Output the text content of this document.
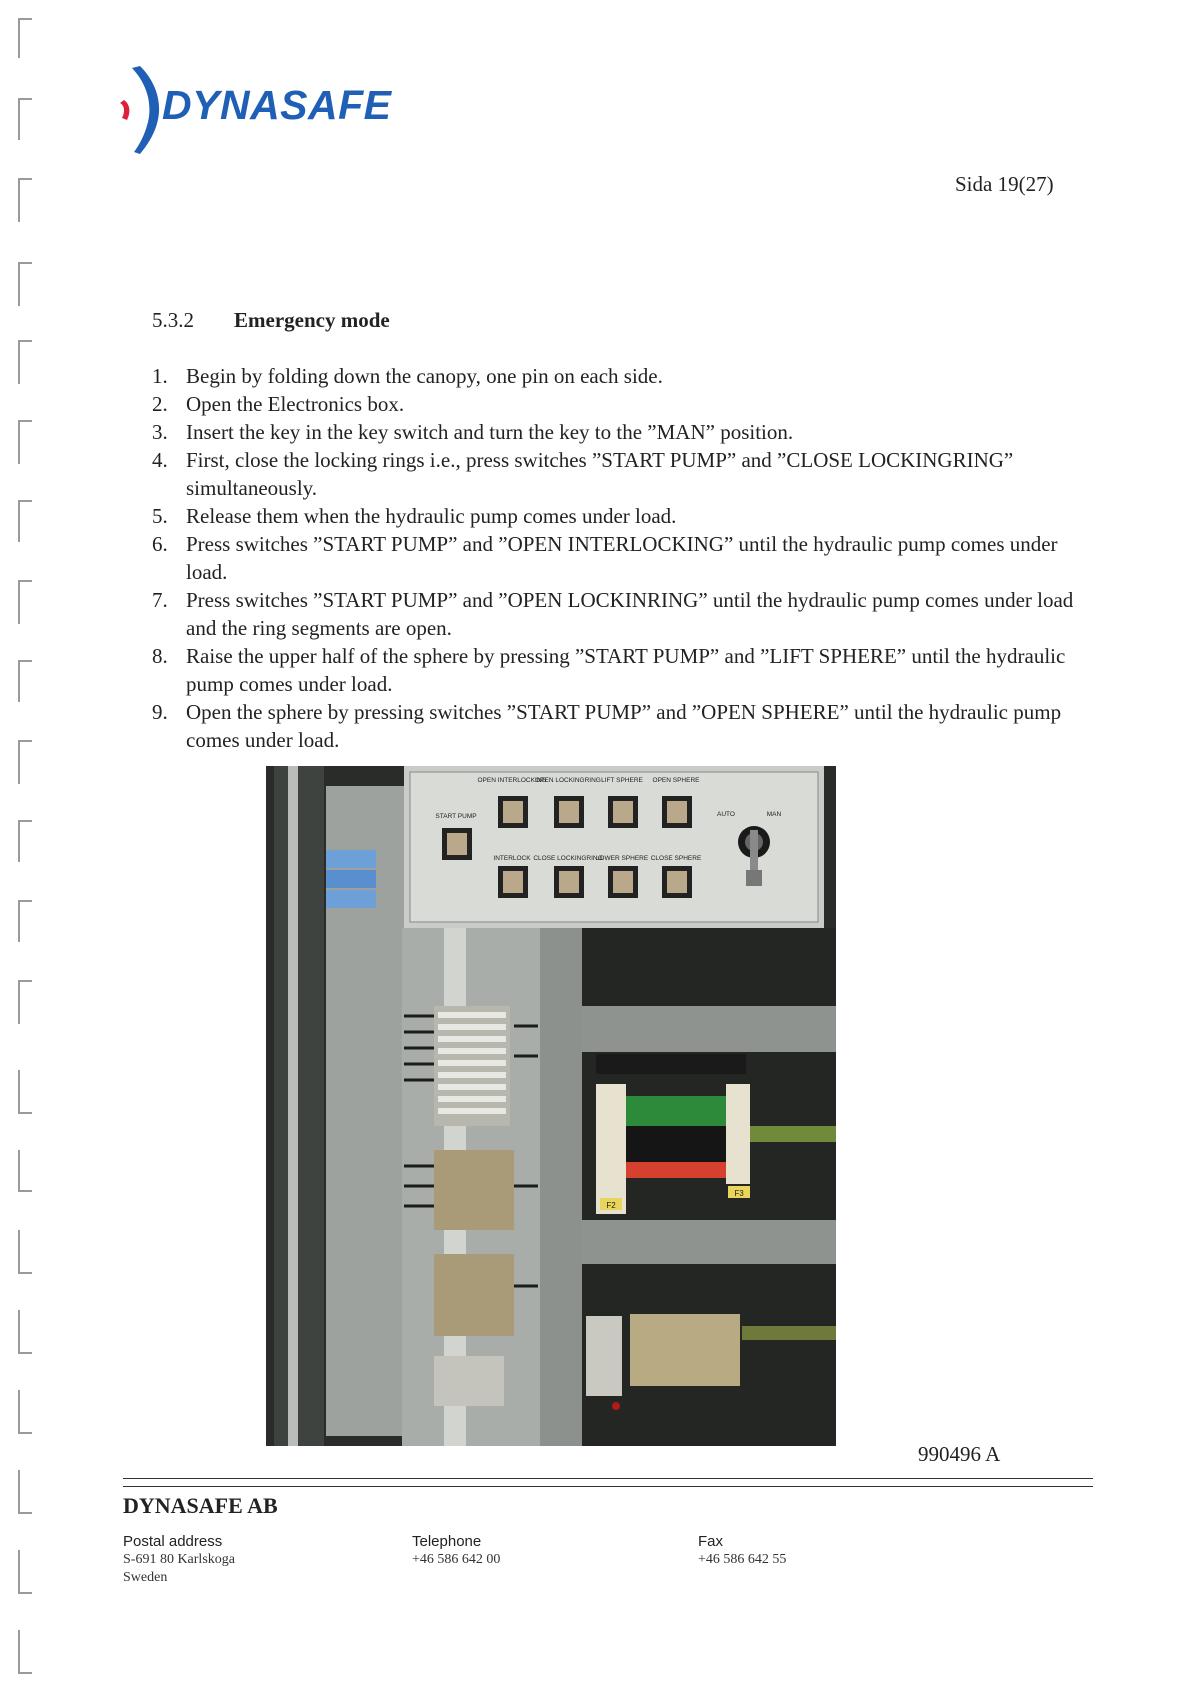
DYNASAFE
Sida 19(27)
5.3.2 Emergency mode
1. Begin by folding down the canopy, one pin on each side.
2. Open the Electronics box.
3. Insert the key in the key switch and turn the key to the ”MAN” position.
4. First, close the locking rings i.e., press switches ”START PUMP” and ”CLOSE LOCKINGRING” simultaneously.
5. Release them when the hydraulic pump comes under load.
6. Press switches ”START PUMP” and ”OPEN INTERLOCKING” until the hydraulic pump comes under load.
7. Press switches ”START PUMP” and ”OPEN LOCKINRING” until the hydraulic pump comes under load and the ring segments are open.
8. Raise the upper half of the sphere by pressing ”START PUMP” and ”LIFT SPHERE” until the hydraulic pump comes under load.
9. Open the sphere by pressing switches ”START PUMP” and ”OPEN SPHERE” until the hydraulic pump comes under load.
START PUMP
OPEN INTERLOCKING
OPEN LOCKINGRING LIFT SPHERE OPEN SPHERE
INTERLOCK CLOSE LOCKINGRING
LOWER SPHERE CLOSE SPHERE
AUTO	MAN
F2
F3
990496 A
DYNASAFE AB
Postal address
S-691 80 Karlskoga
Sweden
Telephone
+46 586 642 00
Fax
+46 586 642 55
